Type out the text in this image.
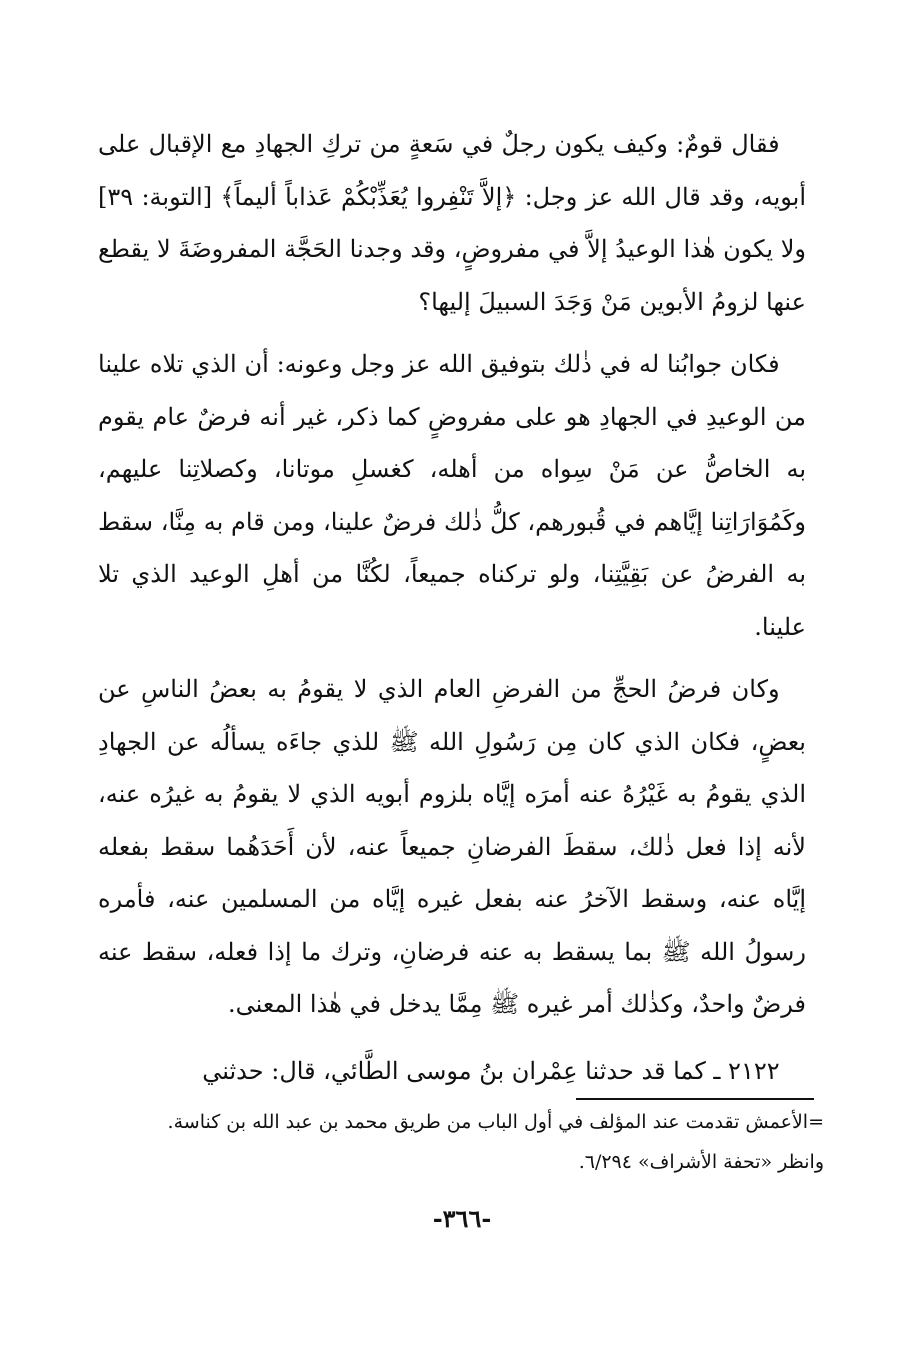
فقال قومٌ: وكيف يكون رجلٌ في سَعةٍ من تركِ الجهادِ مع الإقبال على أبويه، وقد قال الله عز وجل: ﴿إلاَّ تَنْفِروا يُعَذِّبْكُمْ عَذاباً أليماً﴾ [التوبة: ٣٩] ولا يكون هٰذا الوعيدُ إلاَّ في مفروضٍ، وقد وجدنا الحَجَّة المفروضَةَ لا يقطع عنها لزومُ الأبوين مَنْ وَجَدَ السبيلَ إليها؟

فكان جوابُنا له في ذٰلك بتوفيق الله عز وجل وعونه: أن الذي تلاه علينا من الوعيدِ في الجهادِ هو على مفروضٍ كما ذكر، غير أنه فرضٌ عام يقوم به الخاصُّ عن مَنْ سِواه من أهله، كغسلِ موتانا، وكصلاتِنا عليهم، وكَمُوَارَاتِنا إيَّاهم في قُبورهم، كلُّ ذٰلك فرضٌ علينا، ومن قام به مِنَّا، سقط به الفرضُ عن بَقِيَّتِنا، ولو تركناه جميعاً، لكُنَّا من أهلِ الوعيد الذي تلا علينا.

وكان فرضُ الحجِّ من الفرضِ العام الذي لا يقومُ به بعضُ الناسِ عن بعضٍ، فكان الذي كان مِن رَسُولِ الله ﷺ للذي جاءَه يسألُه عن الجهادِ الذي يقومُ به غَيْرُهُ عنه أمرَه إيَّاه بلزوم أبويه الذي لا يقومُ به غيرُه عنه، لأنه إذا فعل ذٰلك، سقطَ الفرضانِ جميعاً عنه، لأن أَحَدَهُما سقط بفعله إيَّاه عنه، وسقط الآخرُ عنه بفعل غيره إيَّاه من المسلمين عنه، فأمره رسولُ الله ﷺ بما يسقط به عنه فرضانِ، وترك ما إذا فعله، سقط عنه فرضٌ واحدٌ، وكذٰلك أمر غيره ﷺ مِمَّا يدخل في هٰذا المعنى.

٢١٢٢ ـ كما قد حدثنا عِمْران بنُ موسى الطَّائي، قال: حدثني

=الأعمش تقدمت عند المؤلف في أول الباب من طريق محمد بن عبد الله بن كناسة.
وانظر «تحفة الأشراف» ٦/٢٩٤.
-٣٦٦-
